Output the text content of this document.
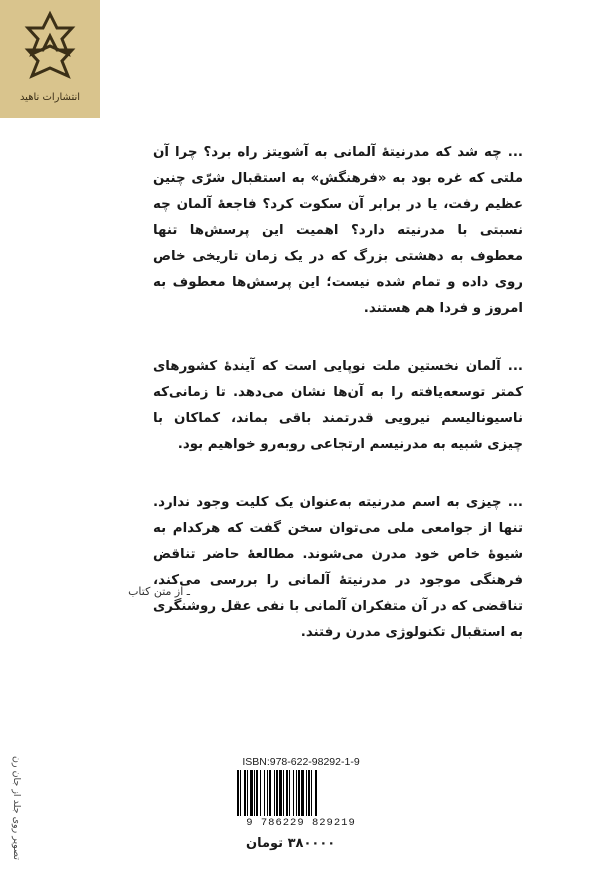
انتشارات ناهید

... چه شد که مدرنیتهٔ آلمانی به آشویتز راه برد؟ چرا آن ملتی که غره بود به «فرهنگش» به استقبال شرّی چنین عظیم رفت، یا در برابر آن سکوت کرد؟ فاجعهٔ آلمان چه نسبتی با مدرنیته دارد؟ اهمیت این پرسش‌ها تنها معطوف به دهشتی بزرگ که در یک زمان تاریخی خاص روی داده و تمام شده نیست؛ این پرسش‌ها معطوف به امروز و فردا هم هستند.

... آلمان نخستین ملت نوپایی است که آیندهٔ کشورهای کمتر توسعه‌یافته را به آن‌ها نشان می‌دهد. تا زمانی‌که ناسیونالیسم نیرویی قدرتمند باقی بماند، کماکان با چیزی شبیه به مدرنیسم ارتجاعی روبه‌رو خواهیم بود.

... چیزی به اسم مدرنیته به‌عنوان یک کلیت وجود ندارد. تنها از جوامعی ملی می‌توان سخن گفت که هرکدام به شیوهٔ خاص خود مدرن می‌شوند. مطالعهٔ حاضر تناقض فرهنگی موجود در مدرنیتهٔ آلمانی را بررسی می‌کند، تناقضی که در آن متفکران آلمانی با نفی عقل روشنگری به استقبال تکنولوژی مدرن رفتند.

ـ از متن کتاب
تصویر روی جلد از جان رن	ISBN:978-622-98292-1-9
9 786229 829219
۳۸۰۰۰۰ تومان
